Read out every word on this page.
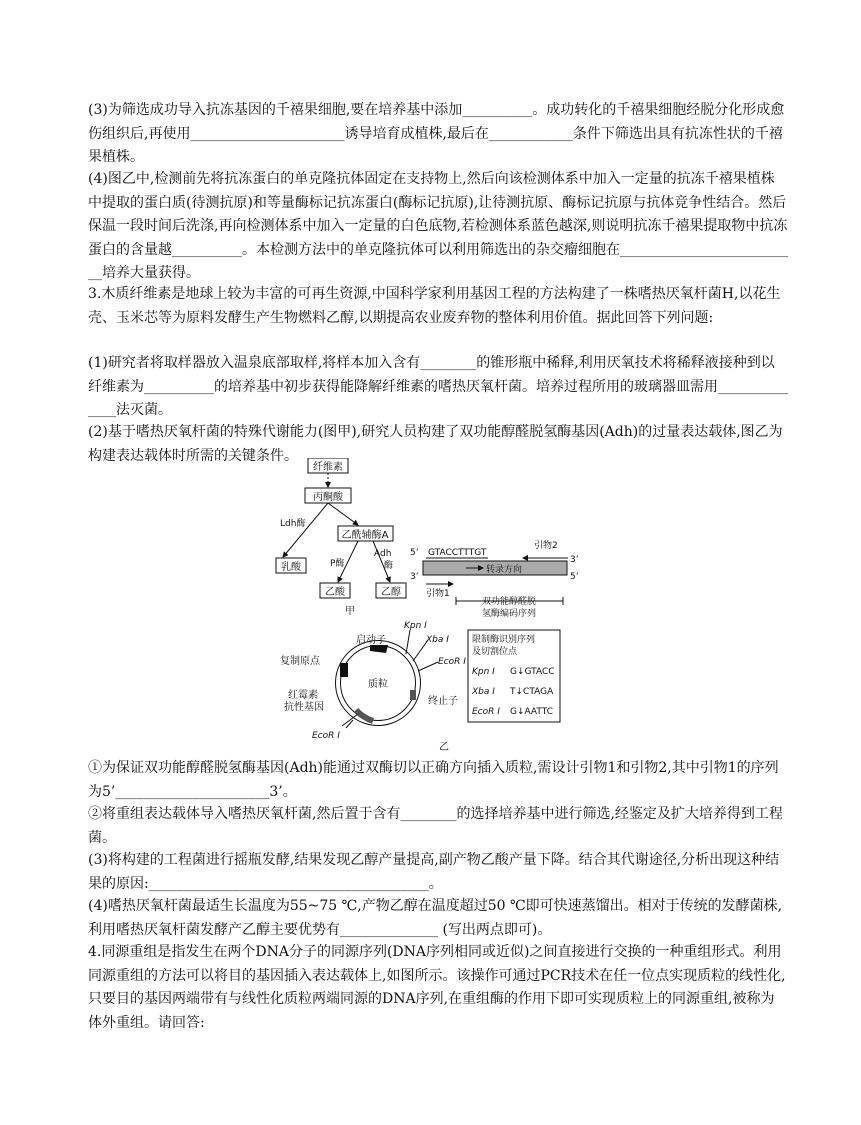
(3)为筛选成功导入抗冻基因的千禧果细胞,要在培养基中添加__________。成功转化的千禧果细胞经脱分化形成愈伤组织后,再使用______________________诱导培育成植株,最后在____________条件下筛选出具有抗冻性状的千禧果植株。

(4)图乙中,检测前先将抗冻蛋白的单克隆抗体固定在支持物上,然后向该检测体系中加入一定量的抗冻千禧果植株中提取的蛋白质(待测抗原)和等量酶标记抗冻蛋白(酶标记抗原),让待测抗原、酶标记抗原与抗体竞争性结合。然后保温一段时间后洗涤,再向检测体系中加入一定量的白色底物,若检测体系蓝色越深,则说明抗冻千禧果提取物中抗冻蛋白的含量越__________。本检测方法中的单克隆抗体可以利用筛选出的杂交瘤细胞在__________________________培养大量获得。

3.木质纤维素是地球上较为丰富的可再生资源,中国科学家利用基因工程的方法构建了一株嗜热厌氧杆菌H,以花生壳、玉米芯等为原料发酵生产生物燃料乙醇,以期提高农业废弃物的整体利用价值。据此回答下列问题:

(1)研究者将取样器放入温泉底部取样,将样本加入含有________的锥形瓶中稀释,利用厌氧技术将稀释液接种到以纤维素为__________的培养基中初步获得能降解纤维素的嗜热厌氧杆菌。培养过程所用的玻璃器皿需用______________法灭菌。

(2)基于嗜热厌氧杆菌的特殊代谢能力(图甲),研究人员构建了双功能醇醛脱氢酶基因(Adh)的过量表达载体,图乙为构建表达载体时所需的关键条件。

纤维素
丙酮酸
Ldh酶
乙酰辅酶A
乳酸	P酶
Adh
酶
乙酸	乙醇
甲
5’ GTACCTTTGT
引物2
3’
转录方向
3’	5’
引物1
双功能醇醛脱
氢酶编码序列
启动子
复制原点
质粒
红霉素
抗性基因
终止子
Kpn I
Xba I
EcoR I
EcoR I
乙
限制酶识别序列
及切割位点
Kpn I G↓GTACC
Xba I T↓CTAGA
EcoR I G↓AATTC

①为保证双功能醇醛脱氢酶基因(Adh)能通过双酶切以正确方向插入质粒,需设计引物1和引物2,其中引物1的序列为5’______________________3’。

②将重组表达载体导入嗜热厌氧杆菌,然后置于含有________的选择培养基中进行筛选,经鉴定及扩大培养得到工程菌。

(3)将构建的工程菌进行摇瓶发酵,结果发现乙醇产量提高,副产物乙酸产量下降。结合其代谢途径,分析出现这种结果的原因:________________________________________。

(4)嗜热厌氧杆菌最适生长温度为55~75 ℃,产物乙醇在温度超过50 ℃即可快速蒸馏出。相对于传统的发酵菌株,利用嗜热厌氧杆菌发酵产乙醇主要优势有______________ (写出两点即可)。

4.同源重组是指发生在两个DNA分子的同源序列(DNA序列相同或近似)之间直接进行交换的一种重组形式。利用同源重组的方法可以将目的基因插入表达载体上,如图所示。该操作可通过PCR技术在任一位点实现质粒的线性化,只要目的基因两端带有与线性化质粒两端同源的DNA序列,在重组酶的作用下即可实现质粒上的同源重组,被称为体外重组。请回答:
